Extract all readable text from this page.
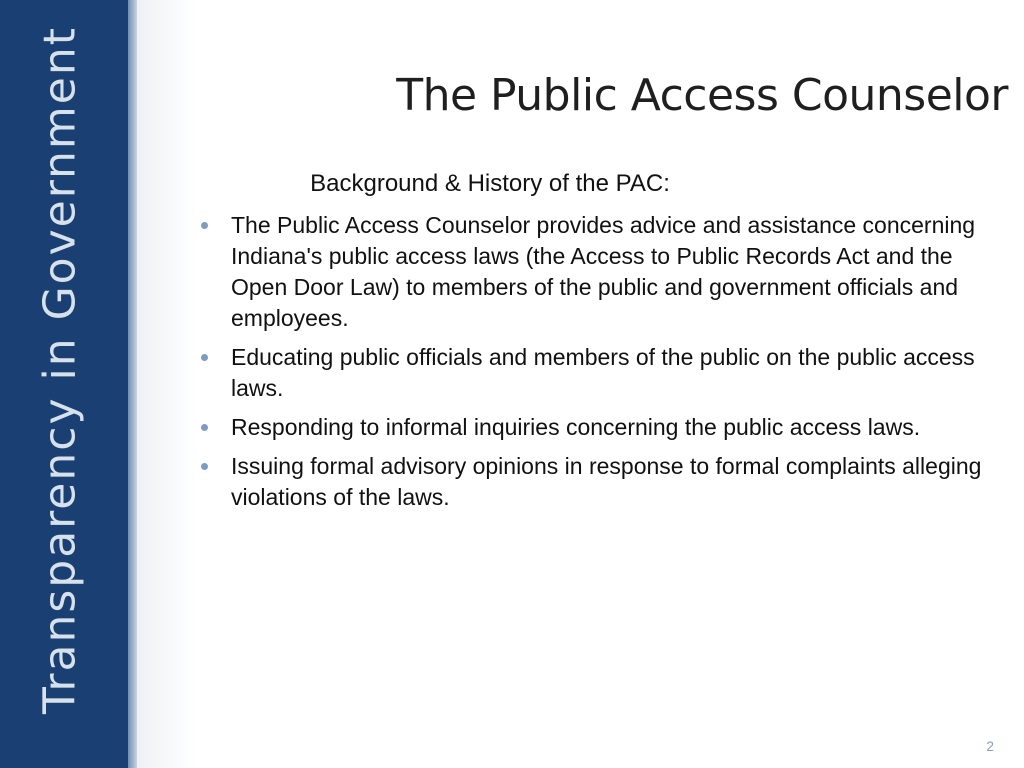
Transparency in Government	The Public Access Counselor
Background & History of the PAC:
The Public Access Counselor provides advice and assistance concerning Indiana's public access laws (the Access to Public Records Act and the Open Door Law) to members of the public and government officials and employees.
Educating public officials and members of the public on the public access laws.
Responding to informal inquiries concerning the public access laws.
Issuing formal advisory opinions in response to formal complaints alleging violations of the laws.
2
